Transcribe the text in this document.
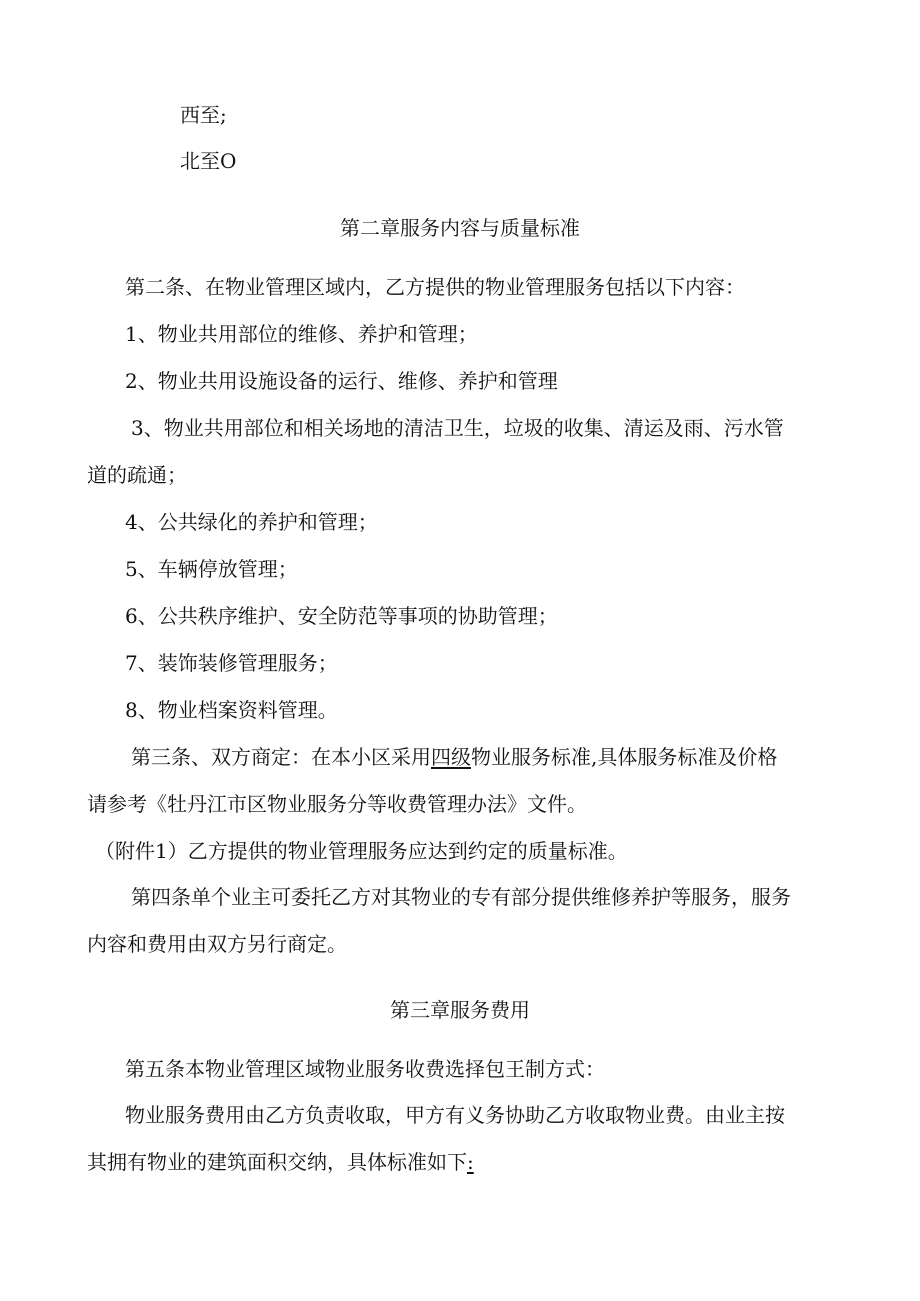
西至;
北至O
第二章服务内容与质量标准
第二条、在物业管理区域内，乙方提供的物业管理服务包括以下内容：
1、物业共用部位的维修、养护和管理；
2、物业共用设施设备的运行、维修、养护和管理
3、物业共用部位和相关场地的清洁卫生，垃圾的收集、清运及雨、污水管
道的疏通；
4、公共绿化的养护和管理；
5、车辆停放管理；
6、公共秩序维护、安全防范等事项的协助管理；
7、装饰装修管理服务；
8、物业档案资料管理。
第三条、双方商定：在本小区采用四级物业服务标准,具体服务标准及价格
请参考《牡丹江市区物业服务分等收费管理办法》文件。
（附件1）乙方提供的物业管理服务应达到约定的质量标准。
第四条单个业主可委托乙方对其物业的专有部分提供维修养护等服务，服务
内容和费用由双方另行商定。
第三章服务费用
第五条本物业管理区域物业服务收费选择包王制方式：
物业服务费用由乙方负责收取，甲方有义务协助乙方收取物业费。由业主按
其拥有物业的建筑面积交纳，具体标准如下:
